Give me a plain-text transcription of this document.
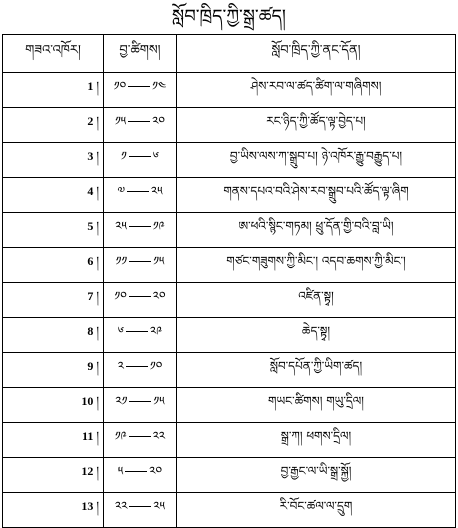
སློབ་ཁྲིད་ཀྱི་སྒྲ་ཚད།
གཟའ་འཁོར།	བྱ་ཚིགས།	སློབ་ཁྲིད་ཀྱི་ནང་དོན།
1 །	༡༠ ༡༤	ཤེས་རབ་ལ་ཚད་ཚིག་ལ་གཞིགས།
2 །	༡༥ ༢༠	རང་ཉིད་ཀྱི་ཚོད་ལྟ་བྱེད་པ།
3 །	༡ ༦	བྱ་ཡིས་ལས་ཀ་སྒྲུབ་པ། ཉེ་འཁོར་རྒྱུ་བརྒྱུད་པ།
4 །	༧ ༢༥	གནས་དཔའ་བའི་ཤེས་རབ་སྒྲུབ་པའི་ཚོད་ལྟ་ཞིག
5 །	༢༥ ༡༩	ཨ་ཕའི་སྙིང་གཏམ། ཕྲུ་དོན་གྱི་བའི་བླ་ཡི།
6 །	༡༡ ༡༥	གཙང་གཟུགས་ཀྱི་མིང་། འདབ་ཆགས་ཀྱི་མིང་།
7 །	༡༠ ༢༠	འཛིན་སྟྭ།
8 །	༦ ༢༩	ཆེད་སྟྭ།
9 །	༢ ༡༠	སློབ་དཔོན་ཀྱི་ཡིག་ཚད།
10 །	༢༡ ༡༥	གཡང་ཚིགས། གཡུ་དྲིལ།
11 །	༡༩ ༢༢	སྒྲ་ཀ། ཕགས་དྲིལ།
12 །	༥ ༢༠	བྱ་རྒྱང་ལ་ཡི་སྒྲ་སྐྱོ།
13 །	༢༢ ༢༥	རི་བོང་ཚལ་ལ་དྲུག
